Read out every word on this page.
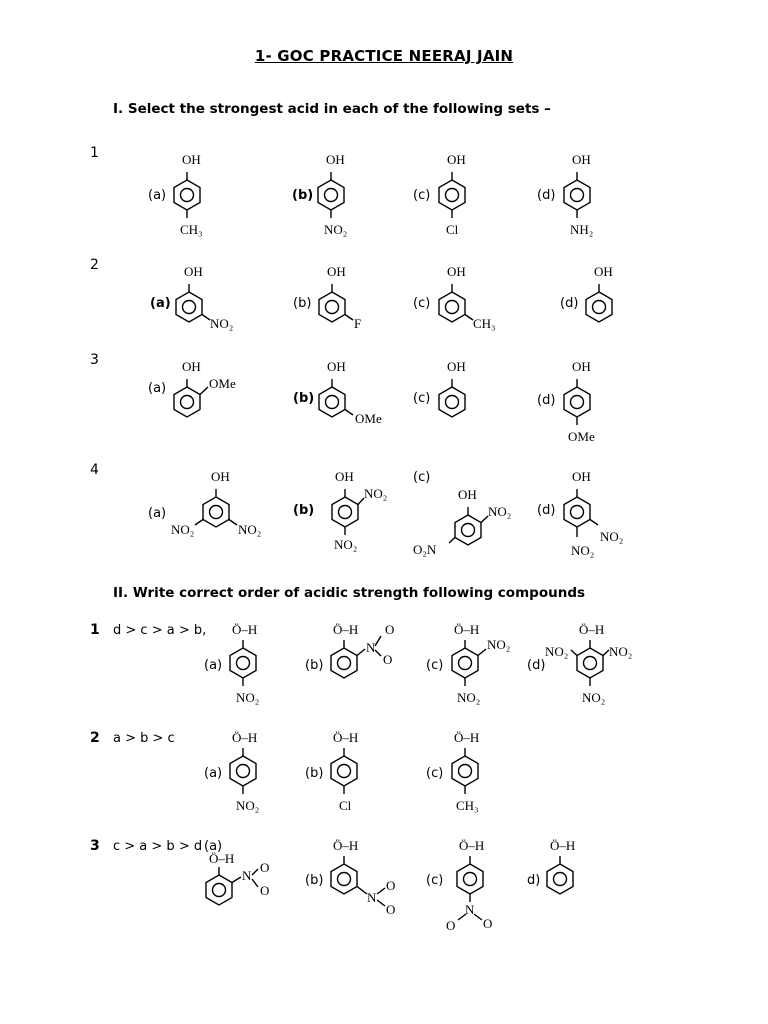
1- GOC PRACTICE NEERAJ JAIN
I. Select the strongest acid in each of the following sets –
II. Write correct order of acidic strength following compounds
1
2
3
4
1 d > c > a > b,
2 a > b > c
3 c > a > b > d
(a)
OH
CH₃
(b)
OH
NO₂
(c)
OH
Cl
(d)
OH
NH₂
(a)
OH
NO₂
(b)
OH
F
(c)
OH
CH₃
(d)
OH
(a)
OH
OMe
(b)
OH
OMe
(c)
OH
(d)
OH
OMe
(a)
OH
NO₂	NO₂
(b)
OH
NO₂
NO₂
(c)
OH
NO₂
O₂N
(d)
OH
NO₂
NO₂
(a)
Ö–H
NO₂
(b)
Ö–H
N
O
O	(c)
Ö–H
NO₂
NO₂
(d)
Ö–H
NO₂	NO₂
NO₂
(a)
Ö–H
NO₂
(b)
Ö–H
Cl
(c)
Ö–H
CH₃
(a)
Ö–H
N
O
O
(b)
Ö–H
N
O
O
(c)
Ö–H
N
O O
d)
Ö–H
